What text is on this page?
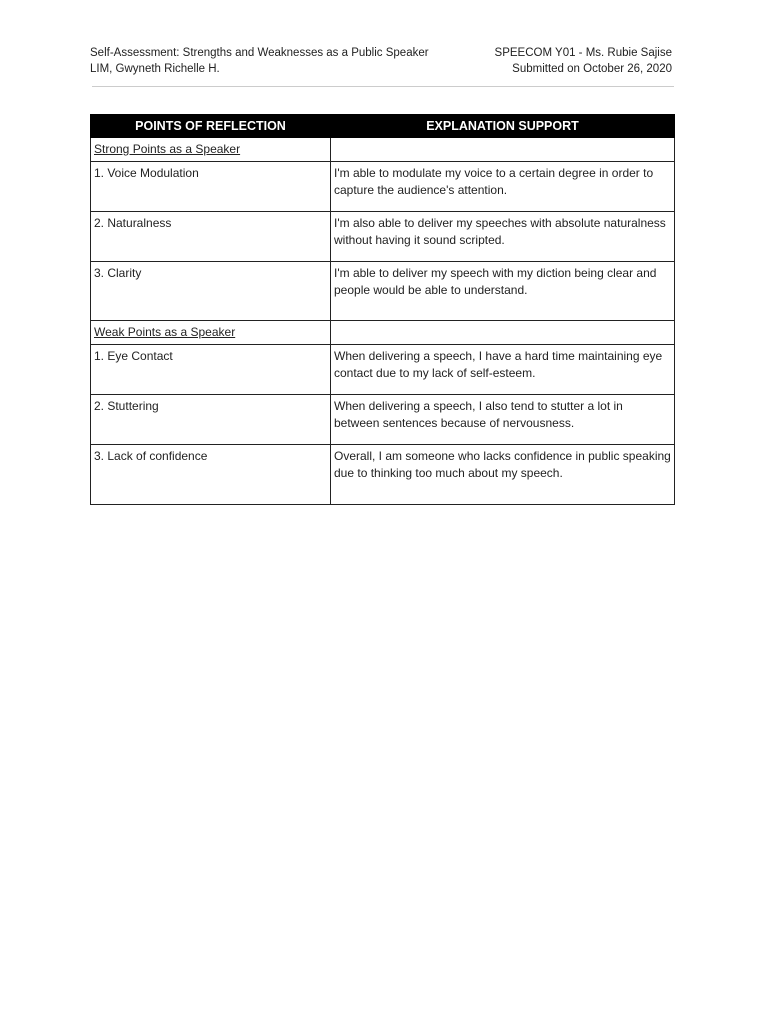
Self-Assessment: Strengths and Weaknesses as a Public Speaker	SPEECOM Y01 - Ms. Rubie Sajise
LIM, Gwyneth Richelle H.	Submitted on October 26, 2020
POINTS OF REFLECTION	EXPLANATION SUPPORT
Strong Points as a Speaker	
1. Voice Modulation	I'm able to modulate my voice to a certain degree in order to capture the audience's attention.
2. Naturalness	I'm also able to deliver my speeches with absolute naturalness without having it sound scripted.
3. Clarity	I'm able to deliver my speech with my diction being clear and people would be able to understand.
Weak Points as a Speaker	
1. Eye Contact	When delivering a speech, I have a hard time maintaining eye contact due to my lack of self-esteem.
2. Stuttering	When delivering a speech, I also tend to stutter a lot in between sentences because of nervousness.
3. Lack of confidence	Overall, I am someone who lacks confidence in public speaking due to thinking too much about my speech.
